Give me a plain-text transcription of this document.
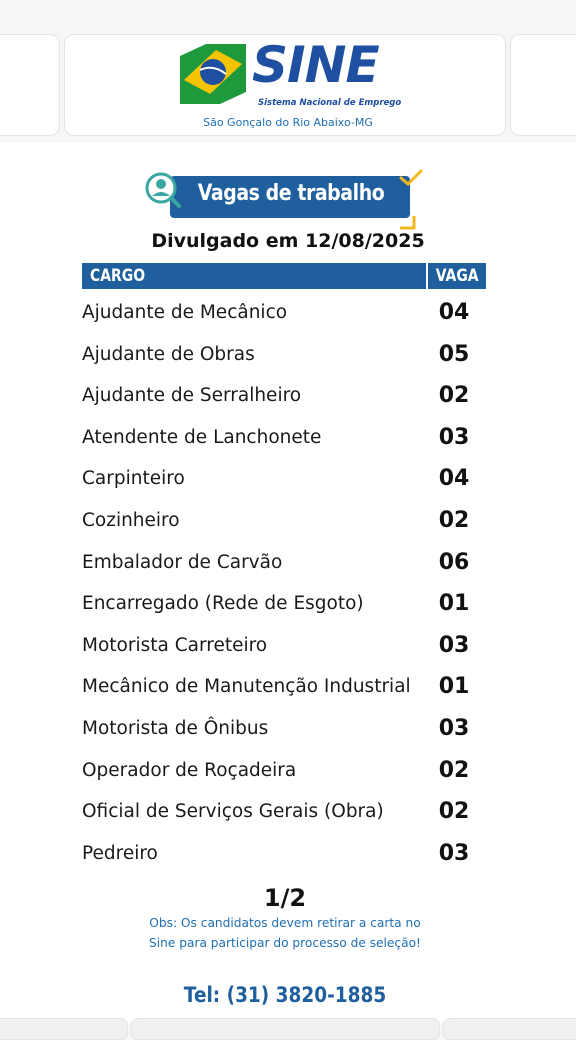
SINE
Sistema Nacional de Emprego
São Gonçalo do Rio Abaixo-MG
Vagas de trabalho
Divulgado em 12/08/2025
CARGO	VAGA
Ajudante de Mecânico	04
Ajudante de Obras	05
Ajudante de Serralheiro	02
Atendente de Lanchonete	03
Carpinteiro	04
Cozinheiro	02
Embalador de Carvão	06
Encarregado (Rede de Esgoto)	01
Motorista Carreteiro	03
Mecânico de Manutenção Industrial	01
Motorista de Ônibus	03
Operador de Roçadeira	02
Oficial de Serviços Gerais (Obra)	02
Pedreiro	03
1/2
Obs: Os candidatos devem retirar a carta no
Sine para participar do processo de seleção!
Tel: (31) 3820-1885
